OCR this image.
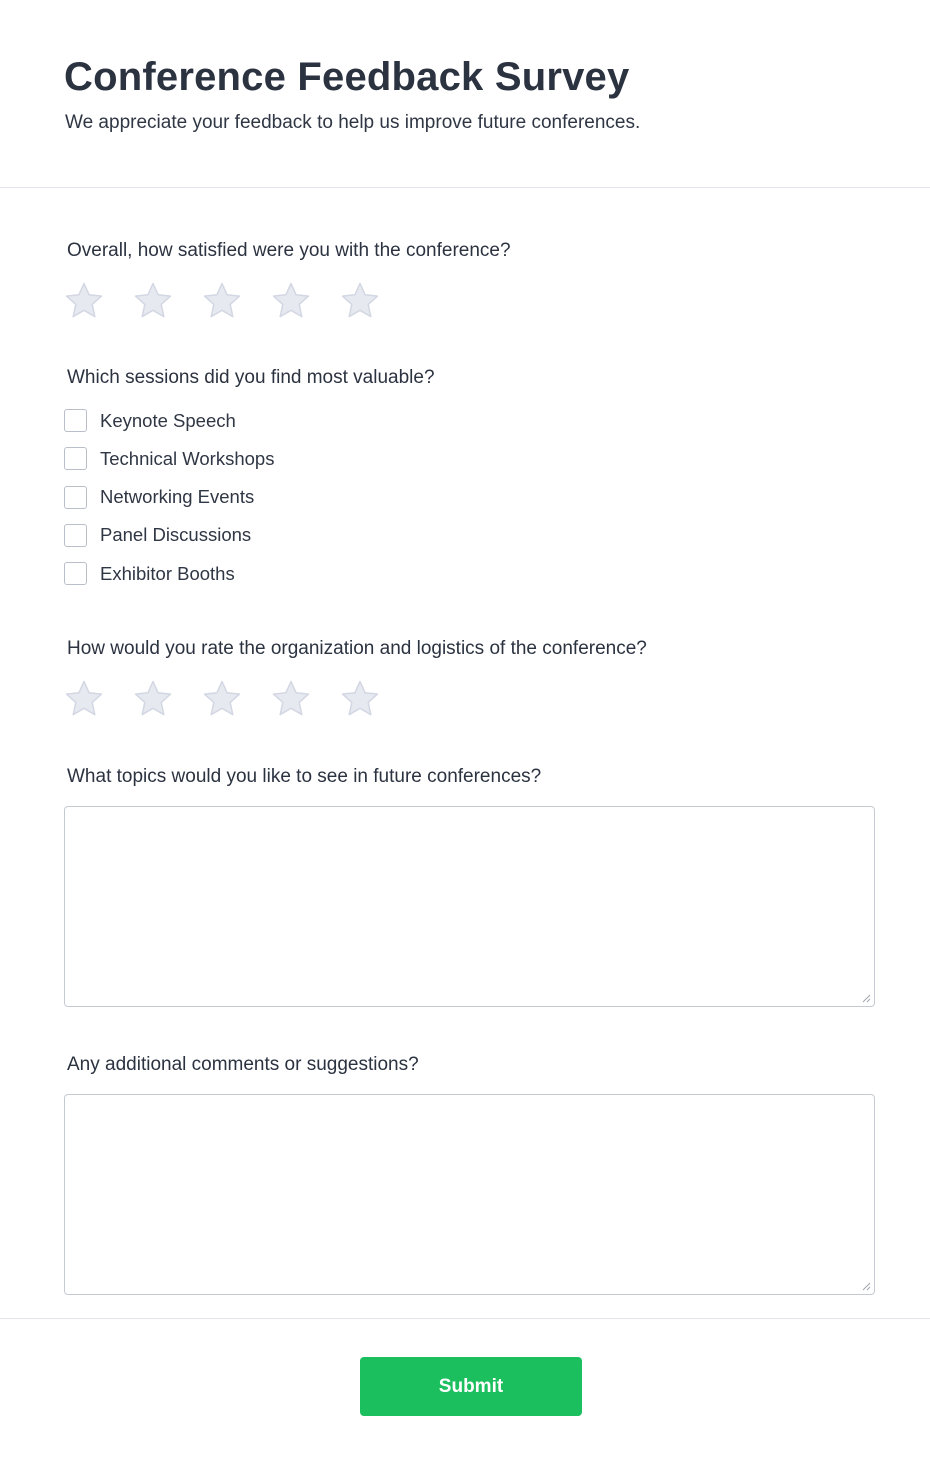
Conference Feedback Survey

We appreciate your feedback to help us improve future conferences.

Overall, how satisfied were you with the conference?

Which sessions did you find most valuable?

Keynote Speech
Technical Workshops
Networking Events
Panel Discussions
Exhibitor Booths

How would you rate the organization and logistics of the conference?

What topics would you like to see in future conferences?

Any additional comments or suggestions?

Submit
